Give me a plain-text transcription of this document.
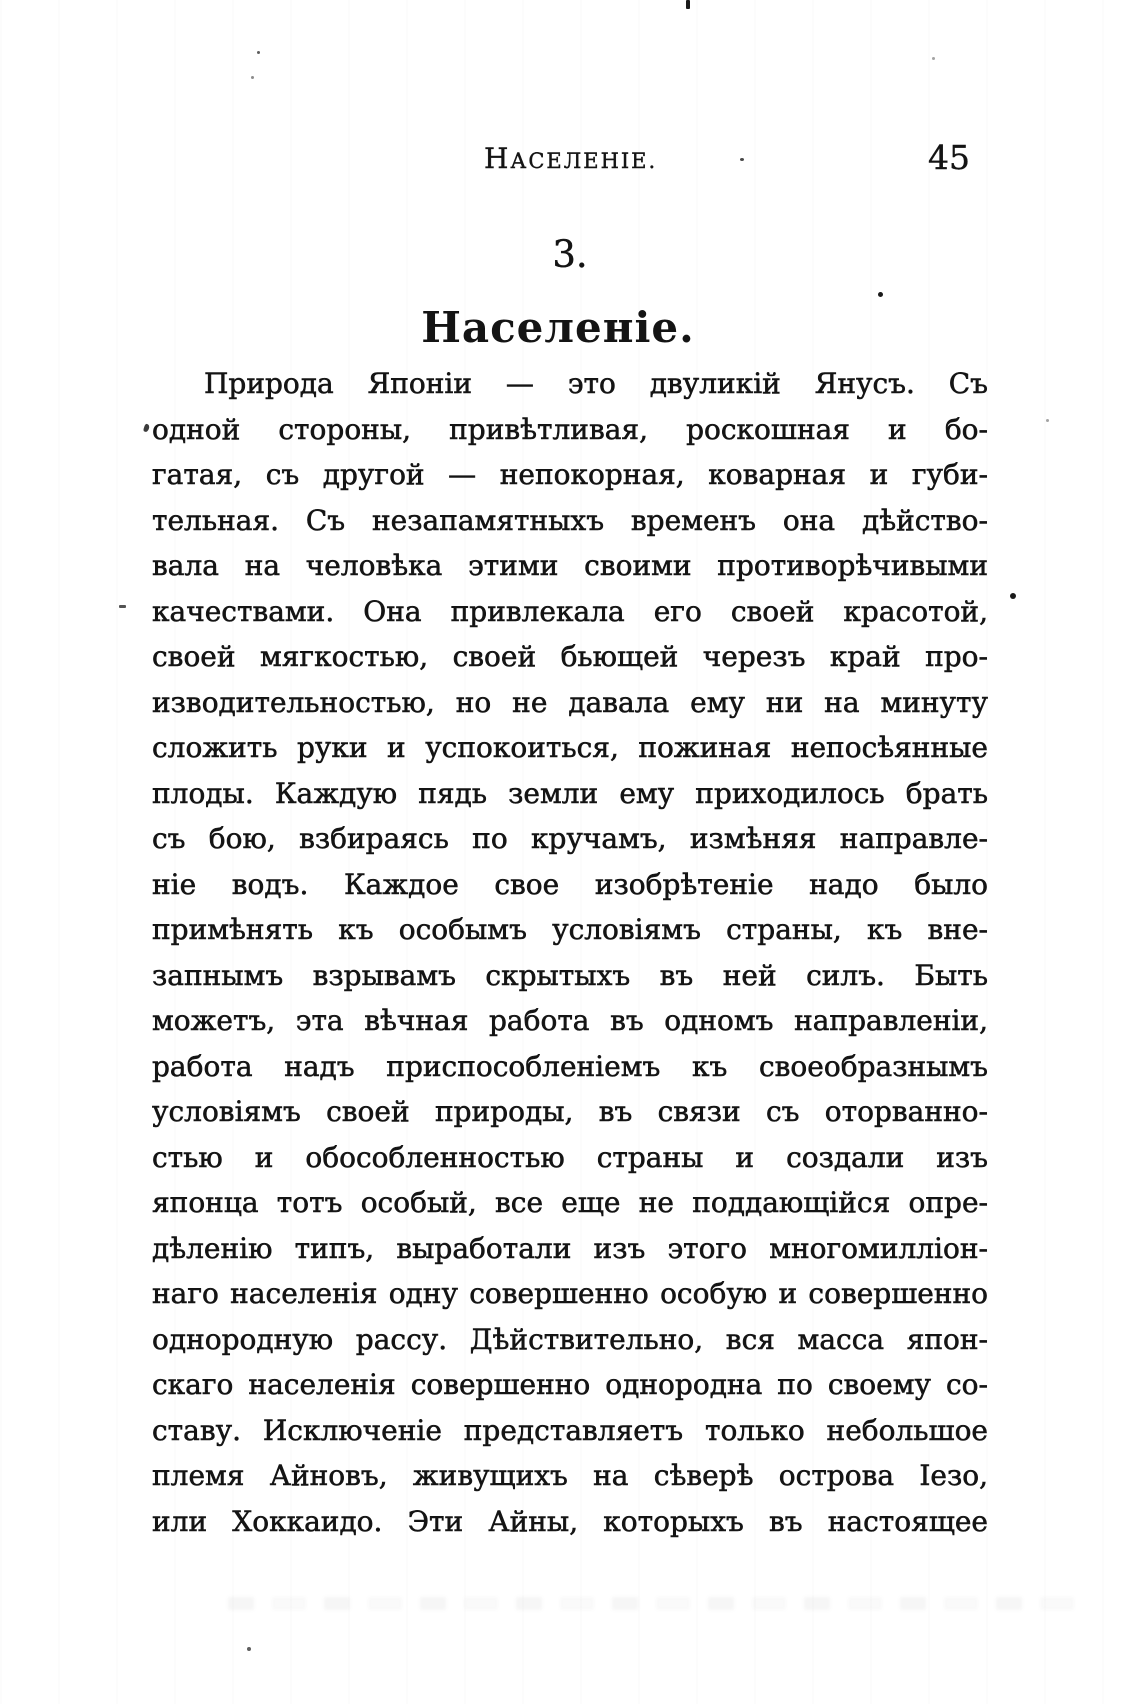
НАСЕЛЕНІЕ.	45
3.
Населеніе.
Природа Японіи — это двуликій Янусъ. Съ
одной стороны, привѣтливая, роскошная и бо-
гатая, съ другой — непокорная, коварная и губи-
тельная. Съ незапамятныхъ временъ она дѣйство-
вала на человѣка этими своими противорѣчивыми
качествами. Она привлекала его своей красотой,
своей мягкостью, своей бьющей черезъ край про-
изводительностью, но не давала ему ни на минуту
сложить руки и успокоиться, пожиная непосѣянные
плоды. Каждую пядь земли ему приходилось брать
съ бою, взбираясь по кручамъ, измѣняя направле-
ніе водъ. Каждое свое изобрѣтеніе надо было
примѣнять къ особымъ условіямъ страны, къ вне-
запнымъ взрывамъ скрытыхъ въ ней силъ. Быть
можетъ, эта вѣчная работа въ одномъ направленіи,
работа надъ приспособленіемъ къ своеобразнымъ
условіямъ своей природы, въ связи съ оторванно-
стью и обособленностью страны и создали изъ
японца тотъ особый, все еще не поддающійся опре-
дѣленію типъ, выработали изъ этого многомилліон-
наго населенія одну совершенно особую и совершенно
однородную рассу. Дѣйствительно, вся масса япон-
скаго населенія совершенно однородна по своему со-
ставу. Исключеніе представляетъ только небольшое
племя Айновъ, живущихъ на сѣверѣ острова Іезо,
или Хоккаидо. Эти Айны, которыхъ въ настоящее
